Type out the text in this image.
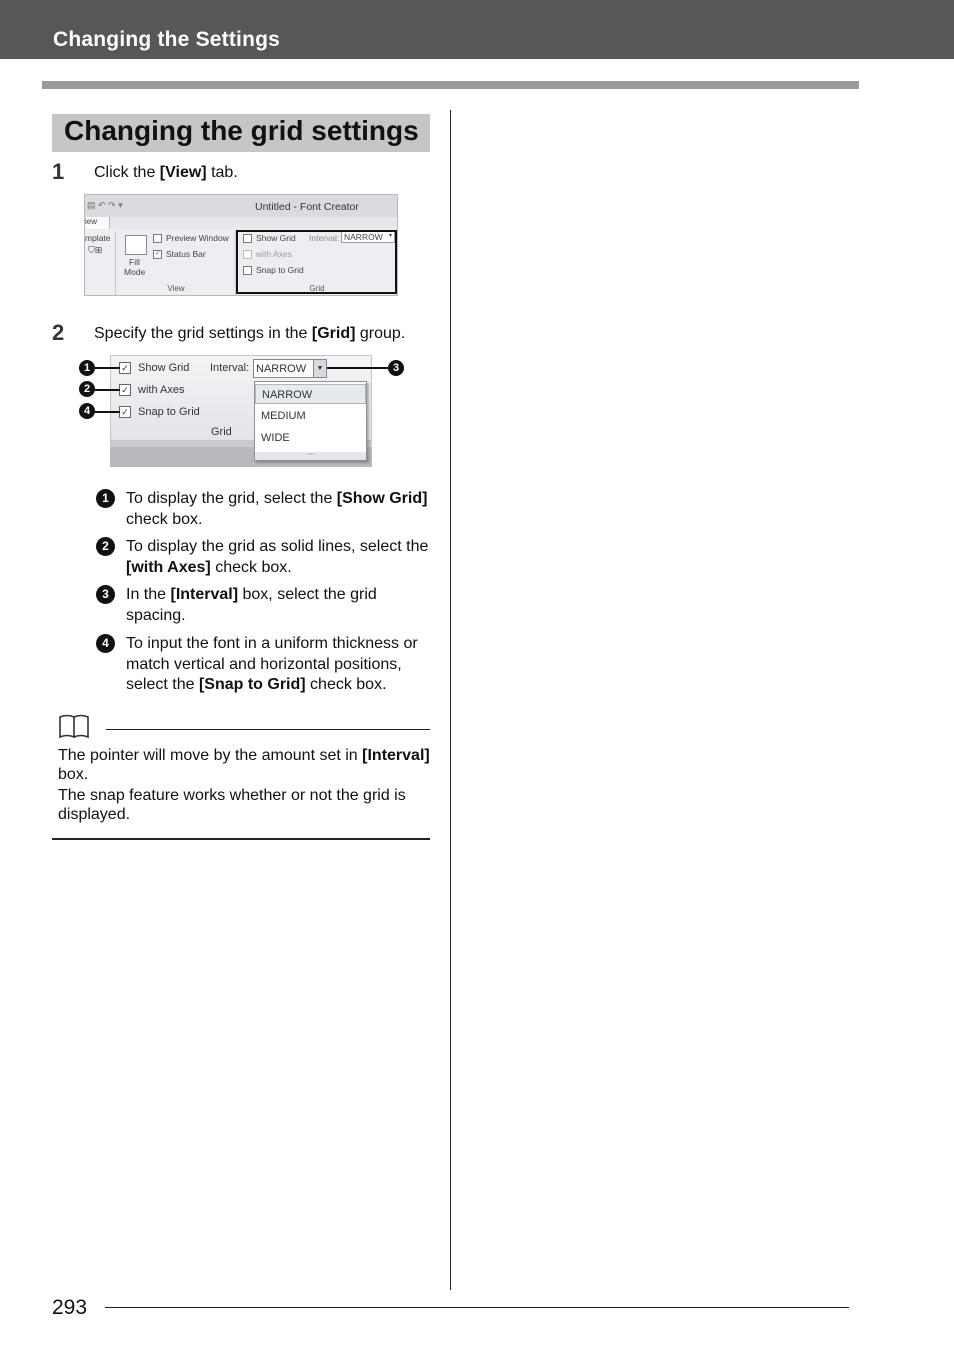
Changing the Settings
Changing the grid settings
1 Click the [View] tab.
▤ ↶ ↷ ▾	Untitled - Font Creator
iew
mplate
⛉⊞
Fill
Mode
Preview Window
✓ Status Bar
View
Show Grid Interval: NARROW ▾
with Axes
Snap to Grid
Grid
2 Specify the grid settings in the [Grid] group.
✓ Show Grid Interval: NARROW	▼
✓ with Axes
✓ Snap to Grid
Grid
NARROW
MEDIUM
WIDE
····
1
2
4
3
1	To display the grid, select the [Show Grid] check box.
2	To display the grid as solid lines, select the [with Axes] check box.
3	In the [Interval] box, select the grid spacing.
4	To input the font in a uniform thickness or match vertical and horizontal positions, select the [Snap to Grid] check box.
The pointer will move by the amount set in [Interval] box.
The snap feature works whether or not the grid is displayed.
293
